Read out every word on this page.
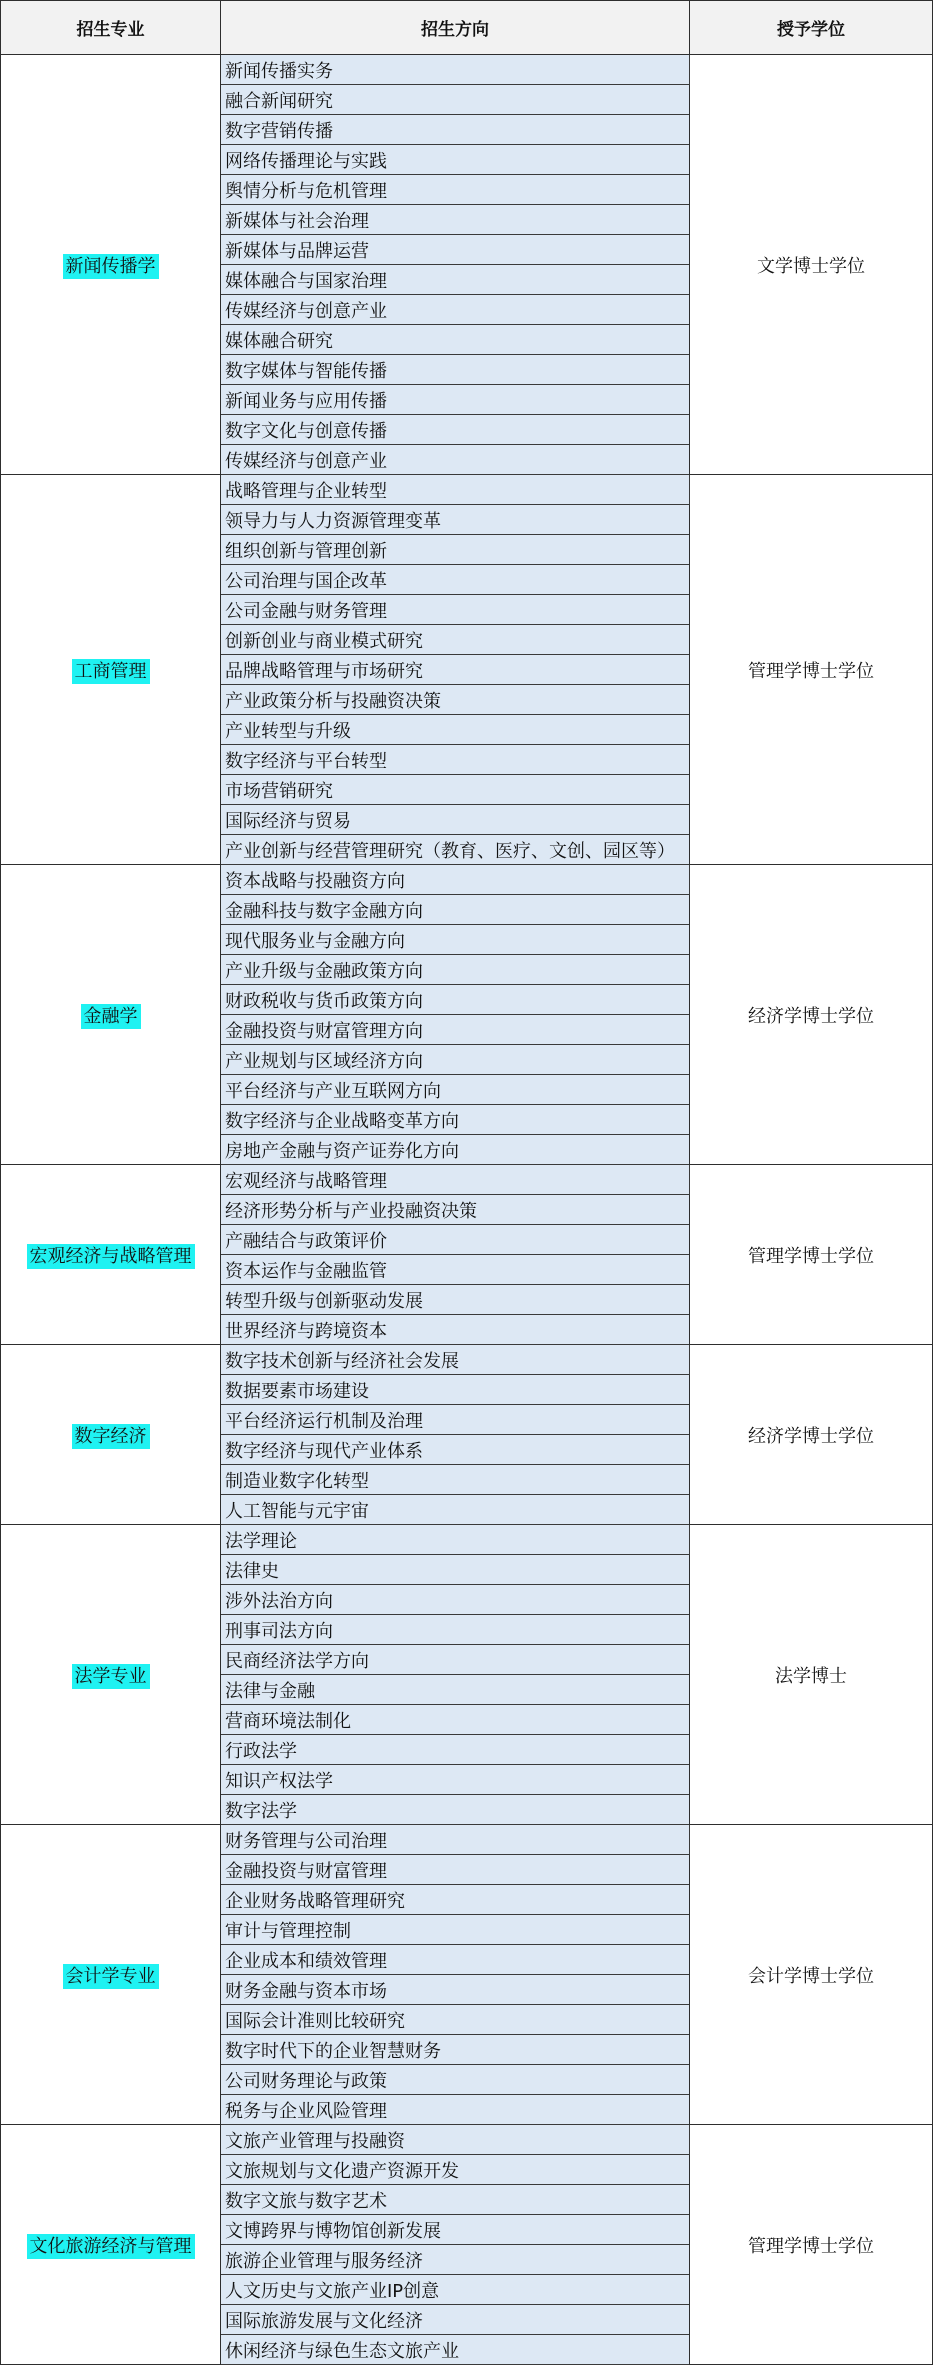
招生专业	招生方向	授予学位
新闻传播学	新闻传播实务	文学博士学位
	融合新闻研究	
	数字营销传播	
	网络传播理论与实践	
	舆情分析与危机管理	
	新媒体与社会治理	
	新媒体与品牌运营	
	媒体融合与国家治理	
	传媒经济与创意产业	
	媒体融合研究	
	数字媒体与智能传播	
	新闻业务与应用传播	
	数字文化与创意传播	
	传媒经济与创意产业	
工商管理	战略管理与企业转型	管理学博士学位
	领导力与人力资源管理变革	
	组织创新与管理创新	
	公司治理与国企改革	
	公司金融与财务管理	
	创新创业与商业模式研究	
	品牌战略管理与市场研究	
	产业政策分析与投融资决策	
	产业转型与升级	
	数字经济与平台转型	
	市场营销研究	
	国际经济与贸易	
	产业创新与经营管理研究（教育、医疗、文创、园区等）	
金融学	资本战略与投融资方向	经济学博士学位
	金融科技与数字金融方向	
	现代服务业与金融方向	
	产业升级与金融政策方向	
	财政税收与货币政策方向	
	金融投资与财富管理方向	
	产业规划与区域经济方向	
	平台经济与产业互联网方向	
	数字经济与企业战略变革方向	
	房地产金融与资产证券化方向	
宏观经济与战略管理	宏观经济与战略管理	管理学博士学位
	经济形势分析与产业投融资决策	
	产融结合与政策评价	
	资本运作与金融监管	
	转型升级与创新驱动发展	
	世界经济与跨境资本	
数字经济	数字技术创新与经济社会发展	经济学博士学位
	数据要素市场建设	
	平台经济运行机制及治理	
	数字经济与现代产业体系	
	制造业数字化转型	
	人工智能与元宇宙	
法学专业	法学理论	法学博士
	法律史	
	涉外法治方向	
	刑事司法方向	
	民商经济法学方向	
	法律与金融	
	营商环境法制化	
	行政法学	
	知识产权法学	
	数字法学	
会计学专业	财务管理与公司治理	会计学博士学位
	金融投资与财富管理	
	企业财务战略管理研究	
	审计与管理控制	
	企业成本和绩效管理	
	财务金融与资本市场	
	国际会计准则比较研究	
	数字时代下的企业智慧财务	
	公司财务理论与政策	
	税务与企业风险管理	
文化旅游经济与管理	文旅产业管理与投融资	管理学博士学位
	文旅规划与文化遗产资源开发	
	数字文旅与数字艺术	
	文博跨界与博物馆创新发展	
	旅游企业管理与服务经济	
	人文历史与文旅产业IP创意	
	国际旅游发展与文化经济	
	休闲经济与绿色生态文旅产业	
